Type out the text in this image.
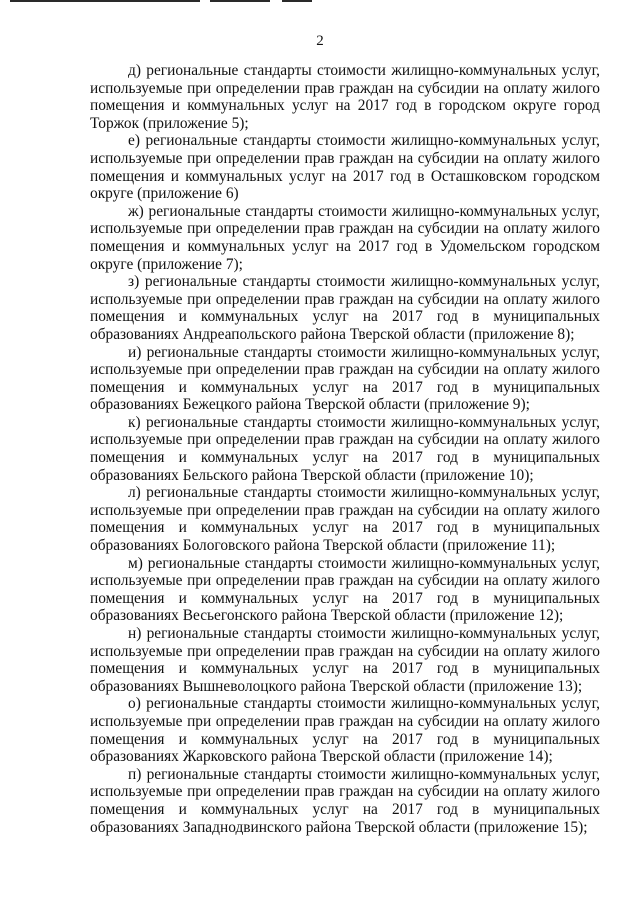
2

д) региональные стандарты стоимости жилищно-коммунальных услуг, используемые при определении прав граждан на субсидии на оплату жилого помещения и коммунальных услуг на 2017 год в городском округе город Торжок (приложение 5);

е) региональные стандарты стоимости жилищно-коммунальных услуг, используемые при определении прав граждан на субсидии на оплату жилого помещения и коммунальных услуг на 2017 год в Осташковском городском округе (приложение 6)

ж) региональные стандарты стоимости жилищно-коммунальных услуг, используемые при определении прав граждан на субсидии на оплату жилого помещения и коммунальных услуг на 2017 год в Удомельском городском округе (приложение 7);

з) региональные стандарты стоимости жилищно-коммунальных услуг, используемые при определении прав граждан на субсидии на оплату жилого помещения и коммунальных услуг на 2017 год в муниципальных образованиях Андреапольского района Тверской области (приложение 8);

и) региональные стандарты стоимости жилищно-коммунальных услуг, используемые при определении прав граждан на субсидии на оплату жилого помещения и коммунальных услуг на 2017 год в муниципальных образованиях Бежецкого района Тверской области (приложение 9);

к) региональные стандарты стоимости жилищно-коммунальных услуг, используемые при определении прав граждан на субсидии на оплату жилого помещения и коммунальных услуг на 2017 год в муниципальных образованиях Бельского района Тверской области (приложение 10);

л) региональные стандарты стоимости жилищно-коммунальных услуг, используемые при определении прав граждан на субсидии на оплату жилого помещения и коммунальных услуг на 2017 год в муниципальных образованиях Бологовского района Тверской области (приложение 11);

м) региональные стандарты стоимости жилищно-коммунальных услуг, используемые при определении прав граждан на субсидии на оплату жилого помещения и коммунальных услуг на 2017 год в муниципальных образованиях Весьегонского района Тверской области (приложение 12);

н) региональные стандарты стоимости жилищно-коммунальных услуг, используемые при определении прав граждан на субсидии на оплату жилого помещения и коммунальных услуг на 2017 год в муниципальных образованиях Вышневолоцкого района Тверской области (приложение 13);

о) региональные стандарты стоимости жилищно-коммунальных услуг, используемые при определении прав граждан на субсидии на оплату жилого помещения и коммунальных услуг на 2017 год в муниципальных образованиях Жарковского района Тверской области (приложение 14);

п) региональные стандарты стоимости жилищно-коммунальных услуг, используемые при определении прав граждан на субсидии на оплату жилого помещения и коммунальных услуг на 2017 год в муниципальных образованиях Западнодвинского района Тверской области (приложение 15);
